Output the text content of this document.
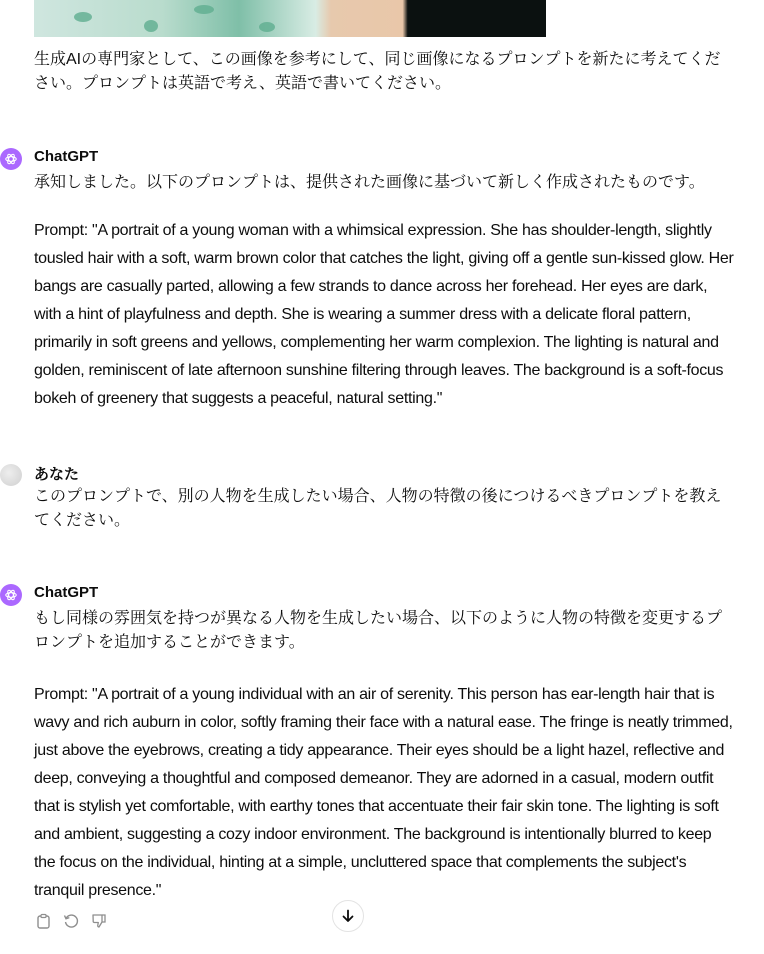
生成AIの専門家として、この画像を参考にして、同じ画像になるプロンプトを新たに考えてください。プロンプトは英語で考え、英語で書いてください。
ChatGPT
承知しました。以下のプロンプトは、提供された画像に基づいて新しく作成されたものです。
Prompt: "A portrait of a young woman with a whimsical expression. She has shoulder-length, slightly tousled hair with a soft, warm brown color that catches the light, giving off a gentle sun-kissed glow. Her bangs are casually parted, allowing a few strands to dance across her forehead. Her eyes are dark, with a hint of playfulness and depth. She is wearing a summer dress with a delicate floral pattern, primarily in soft greens and yellows, complementing her warm complexion. The lighting is natural and golden, reminiscent of late afternoon sunshine filtering through leaves. The background is a soft-focus bokeh of greenery that suggests a peaceful, natural setting."
あなた
このプロンプトで、別の人物を生成したい場合、人物の特徴の後につけるべきプロンプトを教えてください。
ChatGPT
もし同様の雰囲気を持つが異なる人物を生成したい場合、以下のように人物の特徴を変更するプロンプトを追加することができます。
Prompt: "A portrait of a young individual with an air of serenity. This person has ear-length hair that is wavy and rich auburn in color, softly framing their face with a natural ease. The fringe is neatly trimmed, just above the eyebrows, creating a tidy appearance. Their eyes should be a light hazel, reflective and deep, conveying a thoughtful and composed demeanor. They are adorned in a casual, modern outfit that is stylish yet comfortable, with earthy tones that accentuate their fair skin tone. The lighting is soft and ambient, suggesting a cozy indoor environment. The background is intentionally blurred to keep the focus on the individual, hinting at a simple, uncluttered space that complements the subject's tranquil presence."
